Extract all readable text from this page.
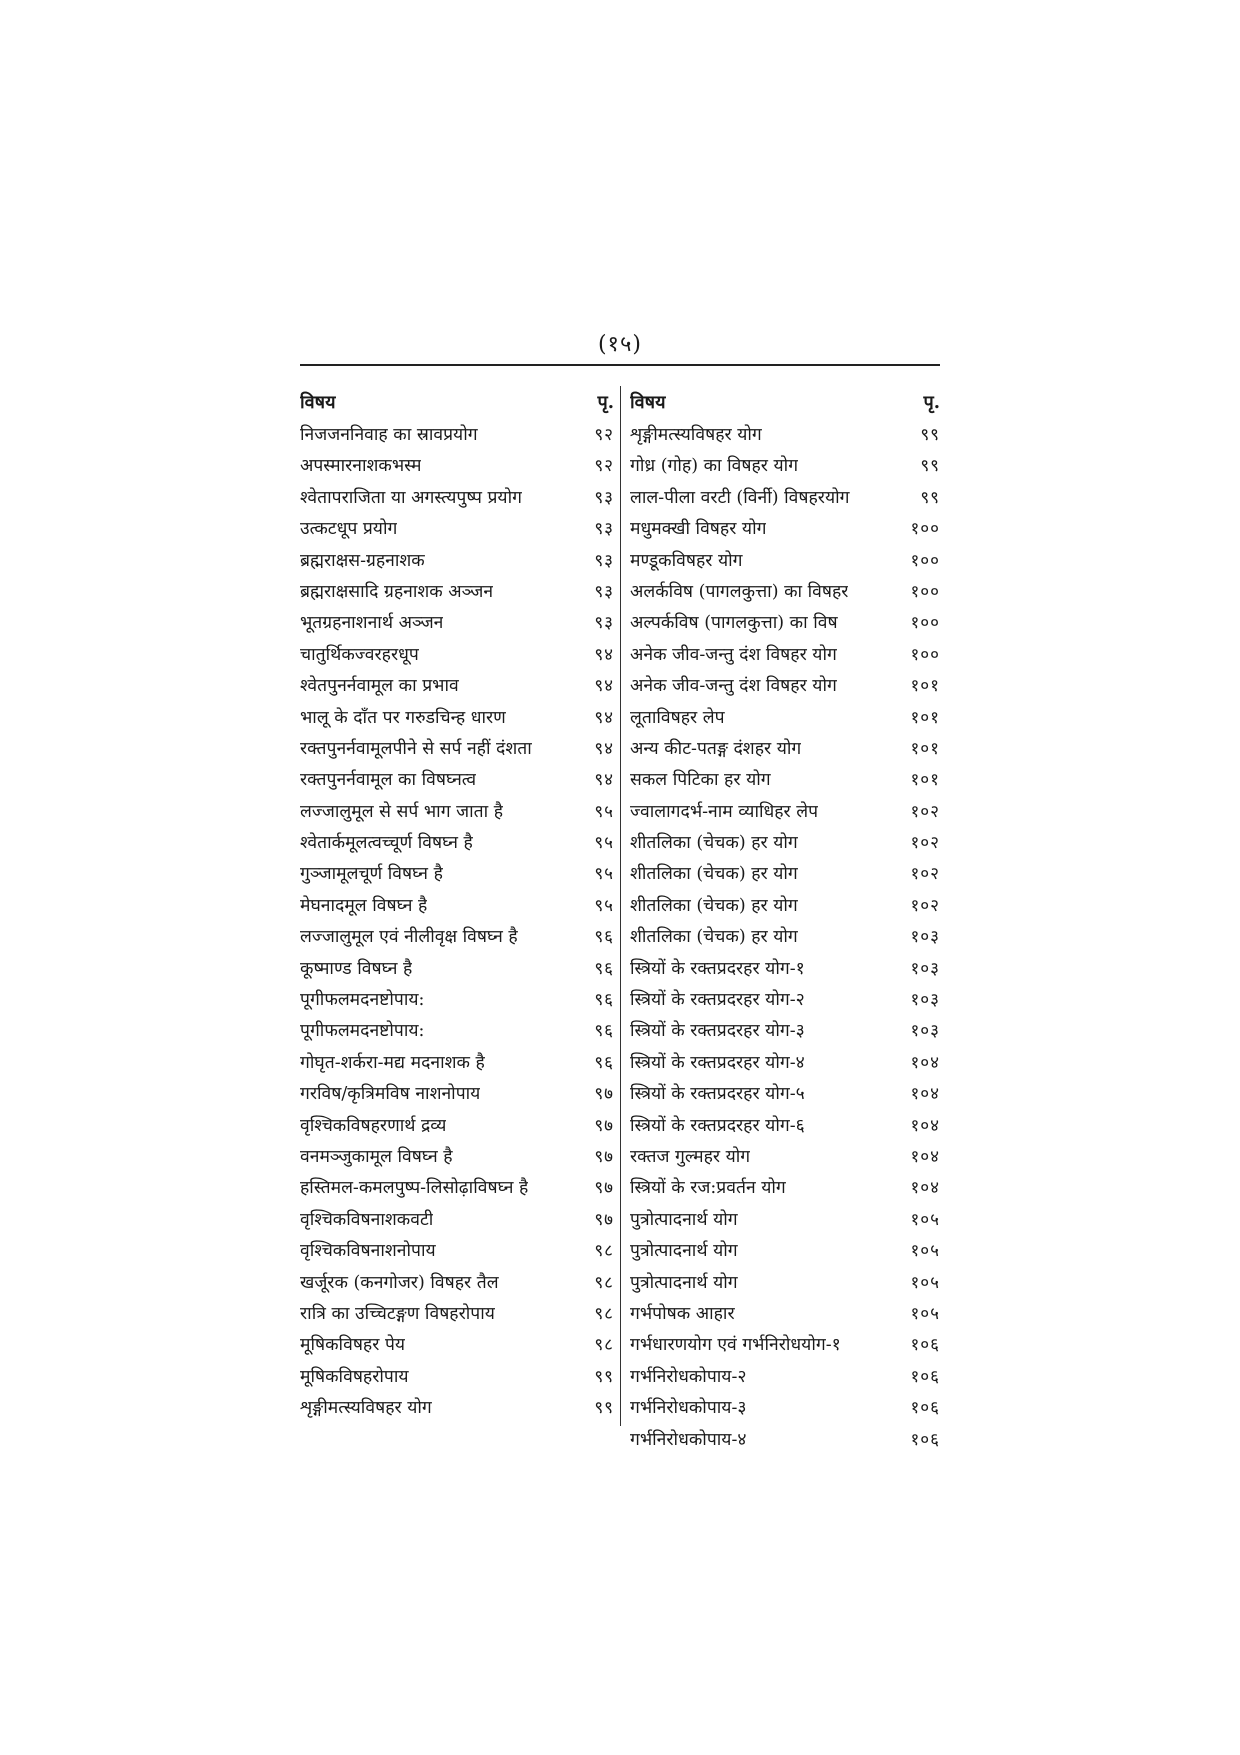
(१५)
विषय	पृ.
निजजननिवाह का स्रावप्रयोग	९२
अपस्मारनाशकभस्म	९२
श्वेतापराजिता या अगस्त्यपुष्प प्रयोग	९३
उत्कटधूप प्रयोग	९३
ब्रह्मराक्षस-ग्रहनाशक	९३
ब्रह्मराक्षसादि ग्रहनाशक अञ्जन	९३
भूतग्रहनाशनार्थ अञ्जन	९३
चातुर्थिकज्वरहरधूप	९४
श्वेतपुनर्नवामूल का प्रभाव	९४
भालू के दाँत पर गरुडचिन्ह धारण	९४
रक्तपुनर्नवामूलपीने से सर्प नहीं दंशता	९४
रक्तपुनर्नवामूल का विषघ्नत्व	९४
लज्जालुमूल से सर्प भाग जाता है	९५
श्वेतार्कमूलत्वच्चूर्ण विषघ्न है	९५
गुञ्जामूलचूर्ण विषघ्न है	९५
मेघनादमूल विषघ्न है	९५
लज्जालुमूल एवं नीलीवृक्ष विषघ्न है	९६
कूष्माण्ड विषघ्न है	९६
पूगीफलमदनष्टोपाय:	९६
पूगीफलमदनष्टोपाय:	९६
गोघृत-शर्करा-मद्य मदनाशक है	९६
गरविष/कृत्रिमविष नाशनोपाय	९७
वृश्चिकविषहरणार्थ द्रव्य	९७
वनमञ्जुकामूल विषघ्न है	९७
हस्तिमल-कमलपुष्प-लिसोढ़ाविषघ्न है	९७
वृश्चिकविषनाशकवटी	९७
वृश्चिकविषनाशनोपाय	९८
खर्जूरक (कनगोजर) विषहर तैल	९८
रात्रि का उच्चिटङ्गण विषहरोपाय	९८
मूषिकविषहर पेय	९८
मूषिकविषहरोपाय	९९
शृङ्गीमत्स्यविषहर योग	९९
विषय	पृ.
शृङ्गीमत्स्यविषहर योग	९९
गोध्र (गोह) का विषहर योग	९९
लाल-पीला वरटी (विर्नी) विषहरयोग	९९
मधुमक्खी विषहर योग	१००
मण्डूकविषहर योग	१००
अलर्कविष (पागलकुत्ता) का विषहर	१००
अल्पर्कविष (पागलकुत्ता) का विष	१००
अनेक जीव-जन्तु दंश विषहर योग	१००
अनेक जीव-जन्तु दंश विषहर योग	१०१
लूताविषहर लेप	१०१
अन्य कीट-पतङ्ग दंशहर योग	१०१
सकल पिटिका हर योग	१०१
ज्वालागदर्भ-नाम व्याधिहर लेप	१०२
शीतलिका (चेचक) हर योग	१०२
शीतलिका (चेचक) हर योग	१०२
शीतलिका (चेचक) हर योग	१०२
शीतलिका (चेचक) हर योग	१०३
स्त्रियों के रक्तप्रदरहर योग-१	१०३
स्त्रियों के रक्तप्रदरहर योग-२	१०३
स्त्रियों के रक्तप्रदरहर योग-३	१०३
स्त्रियों के रक्तप्रदरहर योग-४	१०४
स्त्रियों के रक्तप्रदरहर योग-५	१०४
स्त्रियों के रक्तप्रदरहर योग-६	१०४
रक्तज गुल्महर योग	१०४
स्त्रियों के रज:प्रवर्तन योग	१०४
पुत्रोत्पादनार्थ योग	१०५
पुत्रोत्पादनार्थ योग	१०५
पुत्रोत्पादनार्थ योग	१०५
गर्भपोषक आहार	१०५
गर्भधारणयोग एवं गर्भनिरोधयोग-१	१०६
गर्भनिरोधकोपाय-२	१०६
गर्भनिरोधकोपाय-३	१०६
गर्भनिरोधकोपाय-४	१०६
